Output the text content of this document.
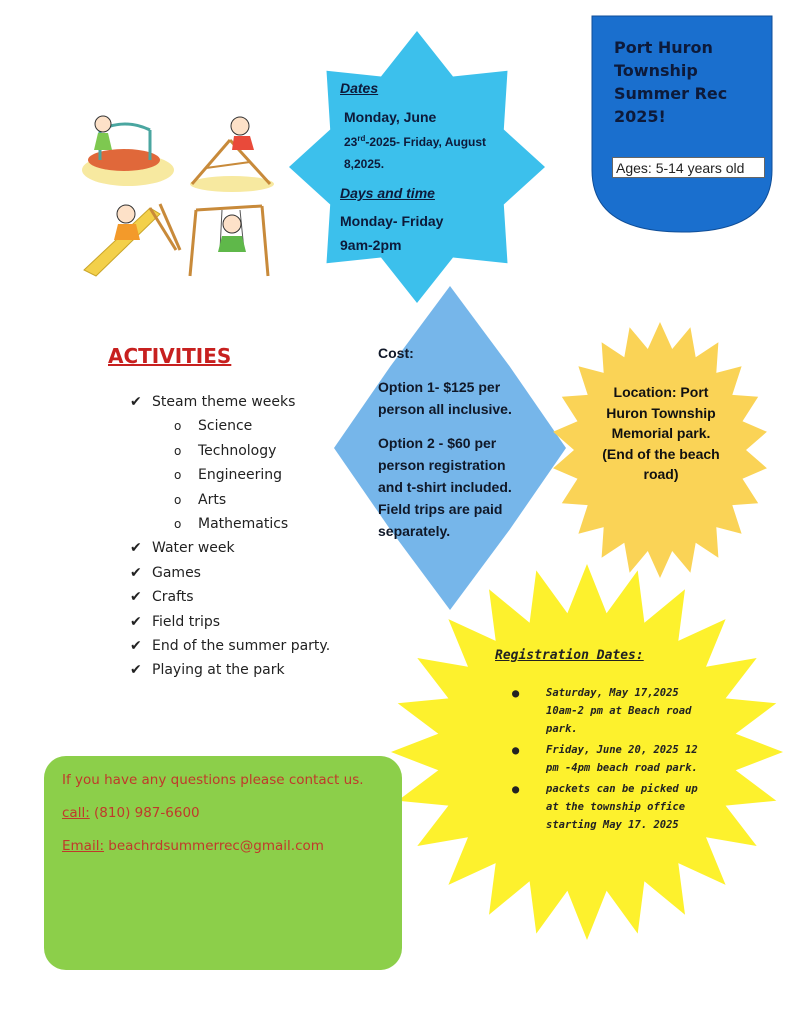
Port Huron
Township
Summer Rec
2025!
Ages: 5-14 years old
Dates
Monday, June
23rd-2025- Friday, August
8,2025.
Days and time
Monday- Friday
9am-2pm

Cost:

Option 1- $125 per person all inclusive.

Option 2 - $60 per person registration and t-shirt included. Field trips are paid separately.

Location: Port Huron Township Memorial park. (End of the beach road)
ACTIVITIES
✔ Steam theme weeks
o Science
o Technology
o Engineering
o Arts
o Mathematics
✔ Water week
✔ Games
✔ Crafts
✔ Field trips
✔ End of the summer party.
✔ Playing at the park
Registration Dates:
●	Saturday, May 17,2025 10am-2 pm at Beach road park.
●	Friday, June 20, 2025 12 pm -4pm beach road park.
●	packets can be picked up at the township office starting May 17. 2025
If you have any questions please contact us.
call: (810) 987-6600
Email: beachrdsummerrec@gmail.com
